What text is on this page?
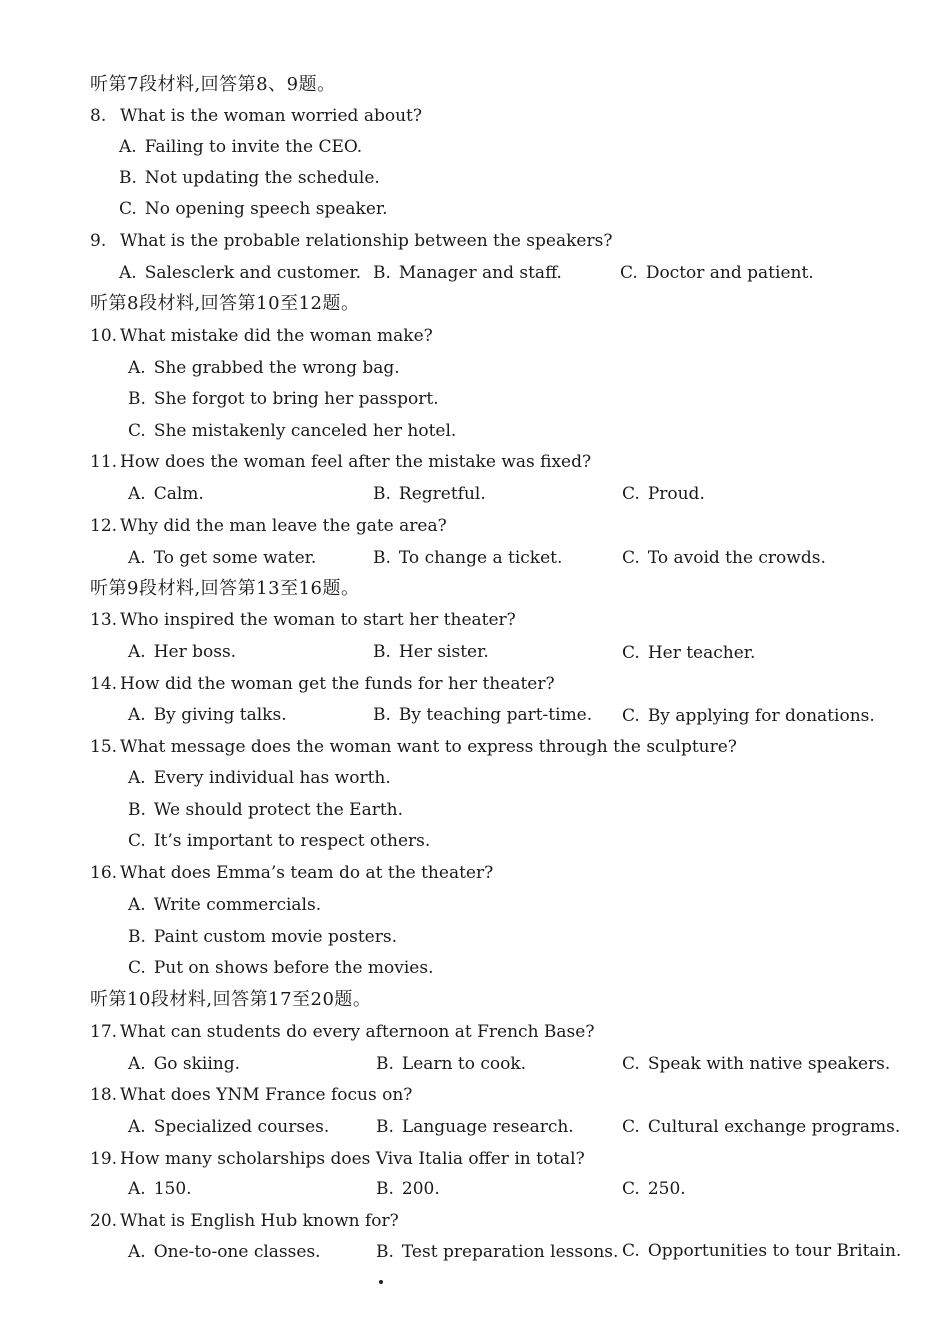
听第7段材料,回答第8、9题。
8. What is the woman worried about?
A. Failing to invite the CEO.
B. Not updating the schedule.
C. No opening speech speaker.
9. What is the probable relationship between the speakers?
A. Salesclerk and customer. B. Manager and staff.	C. Doctor and patient.
听第8段材料,回答第10至12题。
10. What mistake did the woman make?
A. She grabbed the wrong bag.
B. She forgot to bring her passport.
C. She mistakenly canceled her hotel.
11. How does the woman feel after the mistake was fixed?
A. Calm.	B. Regretful.	C. Proud.
12. Why did the man leave the gate area?
A. To get some water.	B. To change a ticket.	C. To avoid the crowds.
听第9段材料,回答第13至16题。
13. Who inspired the woman to start her theater?
A. Her boss.	B. Her sister.	C. Her teacher.
14. How did the woman get the funds for her theater?
A. By giving talks.	B. By teaching part-time. C. By applying for donations.
15. What message does the woman want to express through the sculpture?
A. Every individual has worth.
B. We should protect the Earth.
C. It’s important to respect others.
16. What does Emma’s team do at the theater?
A. Write commercials.
B. Paint custom movie posters.
C. Put on shows before the movies.
听第10段材料,回答第17至20题。
17. What can students do every afternoon at French Base?
A. Go skiing.	B. Learn to cook.	C. Speak with native speakers.
18. What does YNM France focus on?
A. Specialized courses.	B. Language research.	C. Cultural exchange programs.
19. How many scholarships does Viva Italia offer in total?
A. 150.	B. 200.	C. 250.
20. What is English Hub known for?
A. One-to-one classes.	B. Test preparation lessons. C. Opportunities to tour Britain.
